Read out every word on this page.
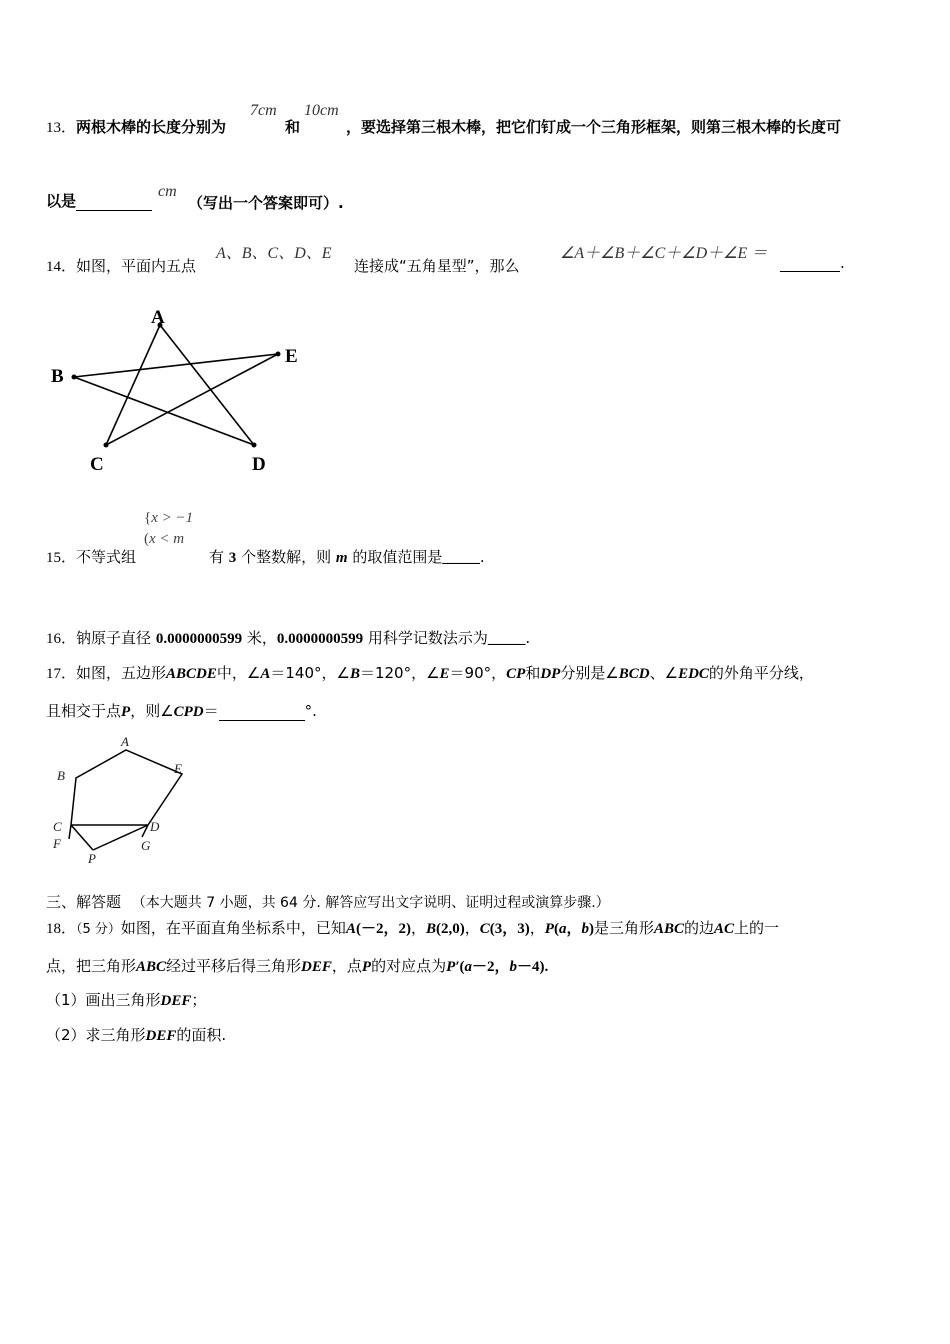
13．两根木棒的长度分别为
7cm
和
10cm
，要选择第三根木棒，把它们钉成一个三角形框架，则第三根木棒的长度可
以是
cm
（写出一个答案即可）.
14．如图，平面内五点
A、B、C、D、E
连接成“五角星型”，那么
∠A＋∠B＋∠C＋∠D＋∠E ＝
.
A
B
C	D
E
{x > −1
(x < m
15．不等式组	有 3 个整数解，则 m 的取值范围是_____.
16．钠原子直径 0.0000000599 米，0.0000000599 用科学记数法示为_____.
17．如图，五边形ABCDE中，∠A＝140°，∠B＝120°，∠E＝90°，CP和DP分别是∠BCD、∠EDC的外角平分线，
且相交于点P，则∠CPD＝	°.
A
B	E
C	D
F	G
P
三、解答题 （本大题共 7 小题，共 64 分. 解答应写出文字说明、证明过程或演算步骤.）
18．（5 分）如图，在平面直角坐标系中，已知A(－2，2)，B(2,0)，C(3，3)，P(a，b)是三角形ABC的边AC上的一
点，把三角形ABC经过平移后得三角形DEF，点P的对应点为P′(a－2，b－4).
（1）画出三角形DEF；
（2）求三角形DEF的面积.
